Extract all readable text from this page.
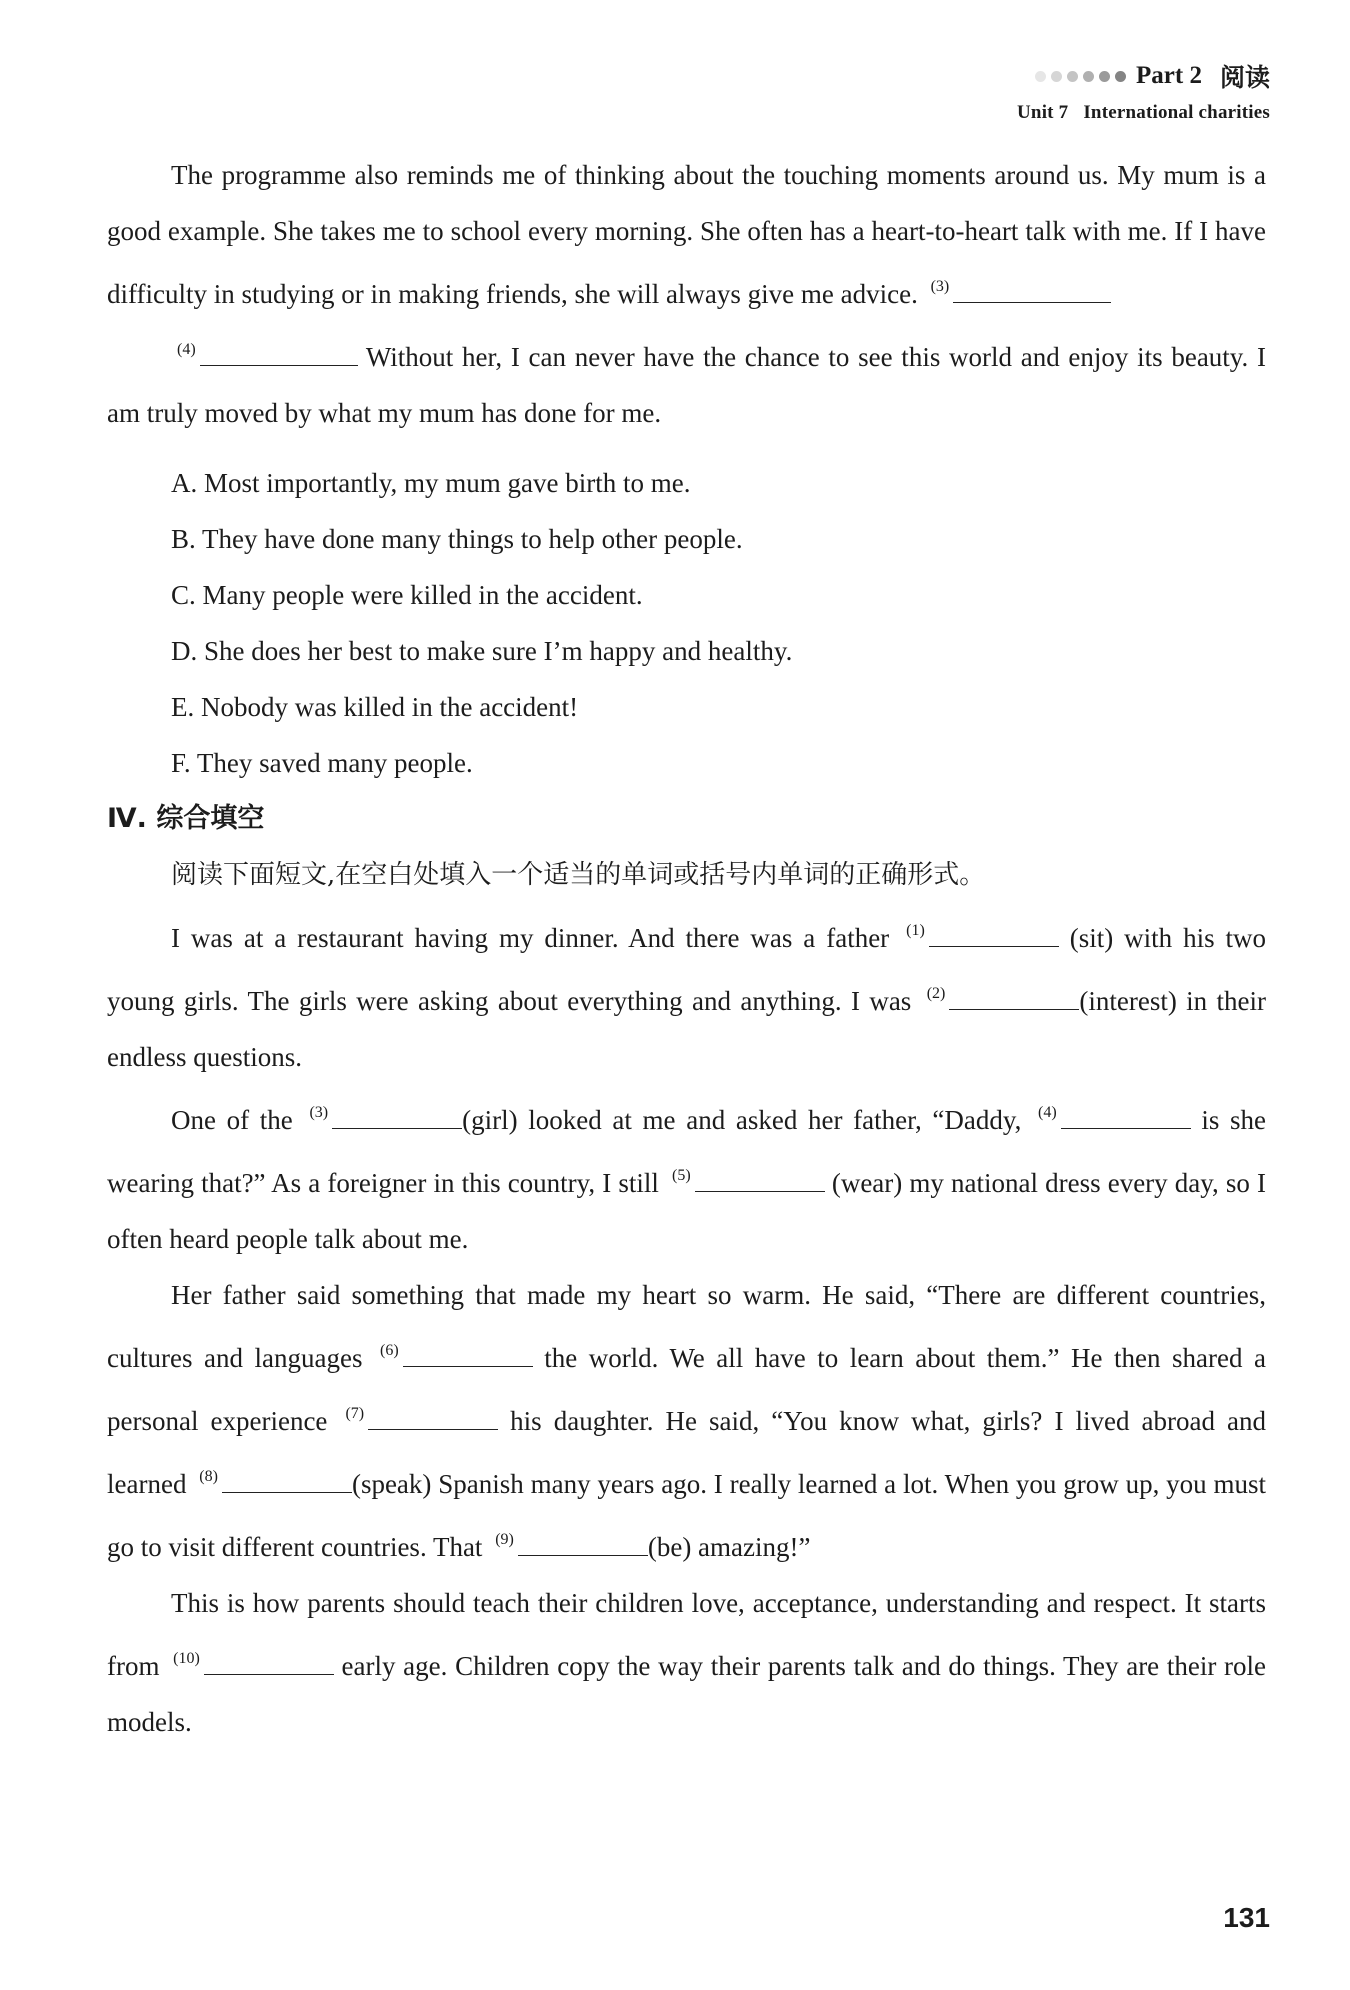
Part 2 阅读
Unit 7 International charities

The programme also reminds me of thinking about the touching moments around us. My mum is a good example. She takes me to school every morning. She often has a heart-to-heart talk with me. If I have difficulty in studying or in making friends, she will always give me advice. $^{(3)}$

$^{(4)}$	Without her, I can never have the chance to see this world and enjoy its beauty. I am truly moved by what my mum has done for me.

A. Most importantly, my mum gave birth to me.

B. They have done many things to help other people.

C. Many people were killed in the accident.

D. She does her best to make sure I’m happy and healthy.

E. Nobody was killed in the accident!

F. They saved many people.

Ⅳ. 综合填空

阅读下面短文,在空白处填入一个适当的单词或括号内单词的正确形式。

I was at a restaurant having my dinner. And there was a father $^{(1)}$	(sit) with his two young girls. The girls were asking about everything and anything. I was $^{(2)}$	(interest) in their endless questions.

One of the $^{(3)}$	(girl) looked at me and asked her father, “Daddy, $^{(4)}$	is she wearing that?” As a foreigner in this country, I still $^{(5)}$	(wear) my national dress every day, so I often heard people talk about me.

Her father said something that made my heart so warm. He said, “There are different countries, cultures and languages $^{(6)}$	the world. We all have to learn about them.” He then shared a personal experience $^{(7)}$	his daughter. He said, “You know what, girls? I lived abroad and learned $^{(8)}$	(speak) Spanish many years ago. I really learned a lot. When you grow up, you must go to visit different countries. That $^{(9)}$	(be) amazing!”

This is how parents should teach their children love, acceptance, understanding and respect. It starts from $^{(10)}$	early age. Children copy the way their parents talk and do things. They are their role models.

131
